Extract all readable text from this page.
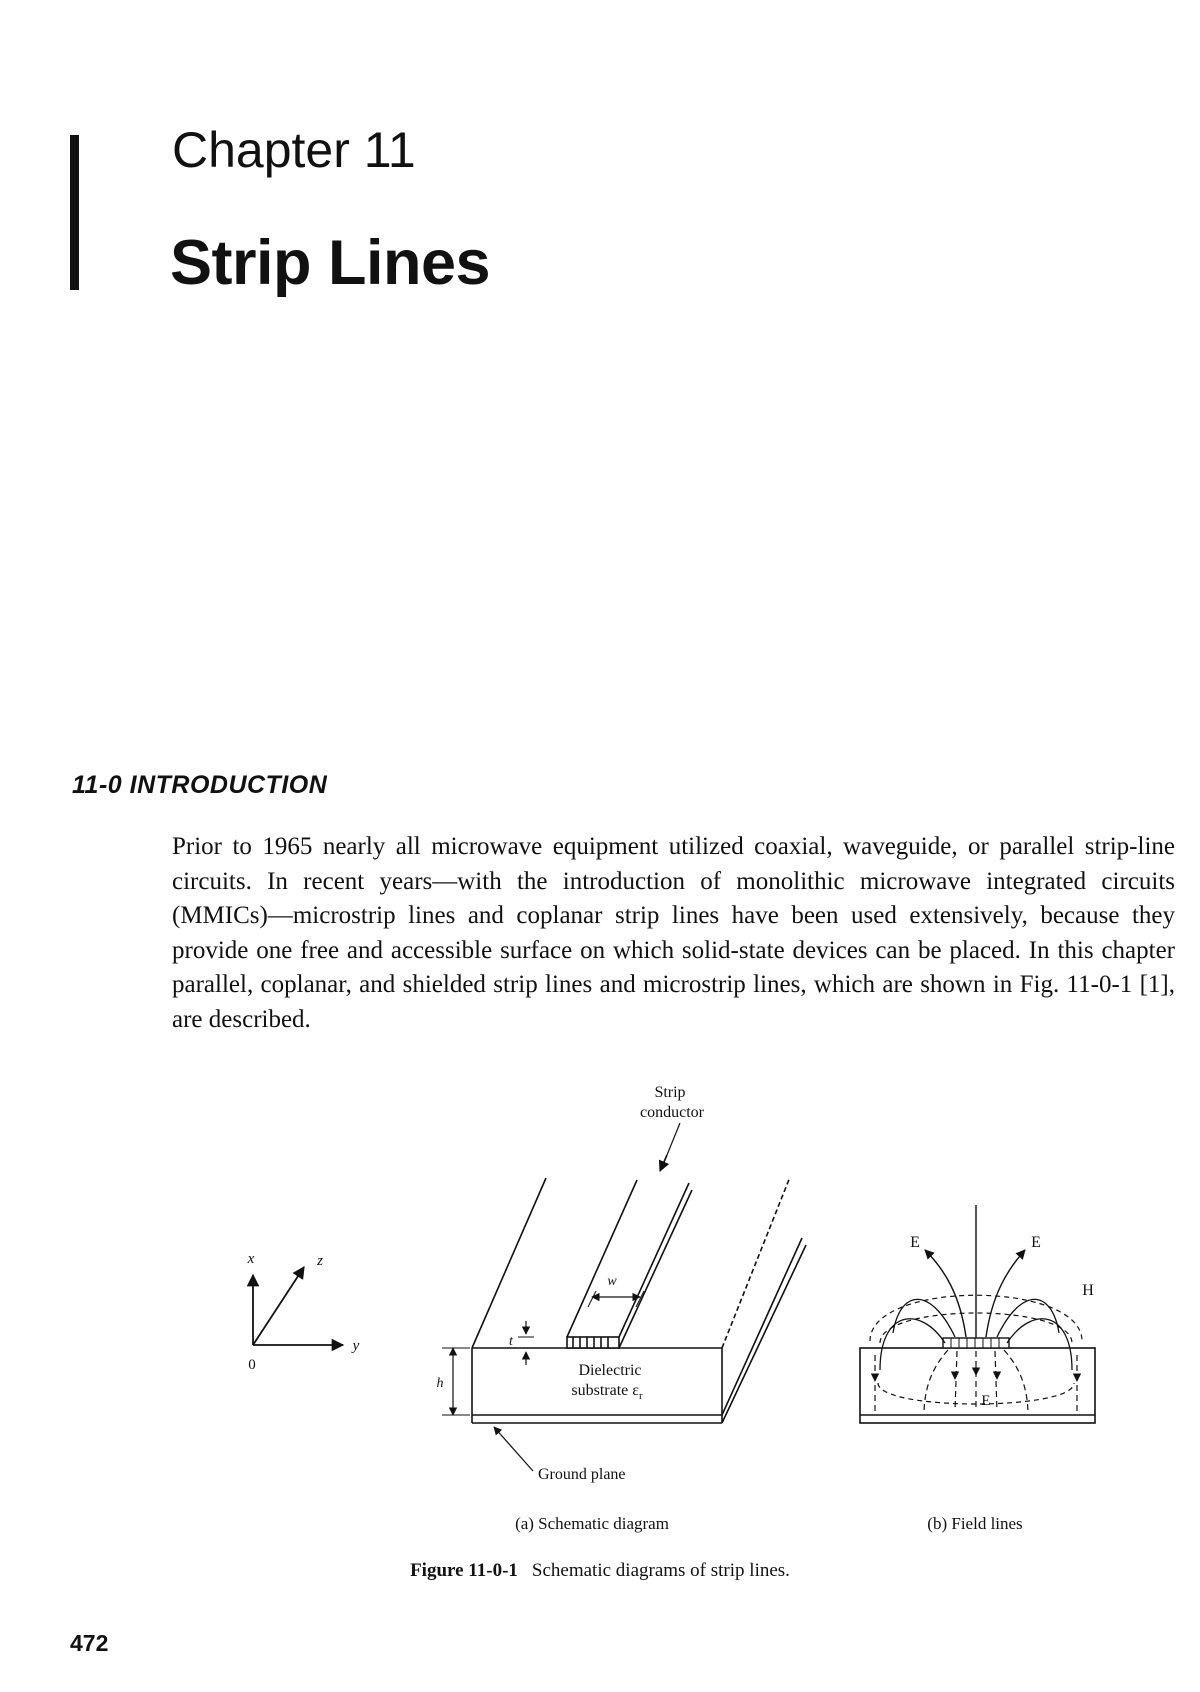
Chapter 11
Strip Lines
11-0 INTRODUCTION

Prior to 1965 nearly all microwave equipment utilized coaxial, waveguide, or parallel strip-line circuits. In recent years—with the introduction of monolithic microwave integrated circuits (MMICs)—microstrip lines and coplanar strip lines have been used extensively, because they provide one free and accessible surface on which solid-state devices can be placed. In this chapter parallel, coplanar, and shielded strip lines and microstrip lines, which are shown in Fig. 11-0-1 [1], are described.

x	z
y
0
Strip
conductor
w
t
h
Dielectric
substrate $\varepsilon_r$
Ground plane
(a) Schematic diagram
E	E
H
E
(b) Field lines
Figure 11-0-1 Schematic diagrams of strip lines.
472
